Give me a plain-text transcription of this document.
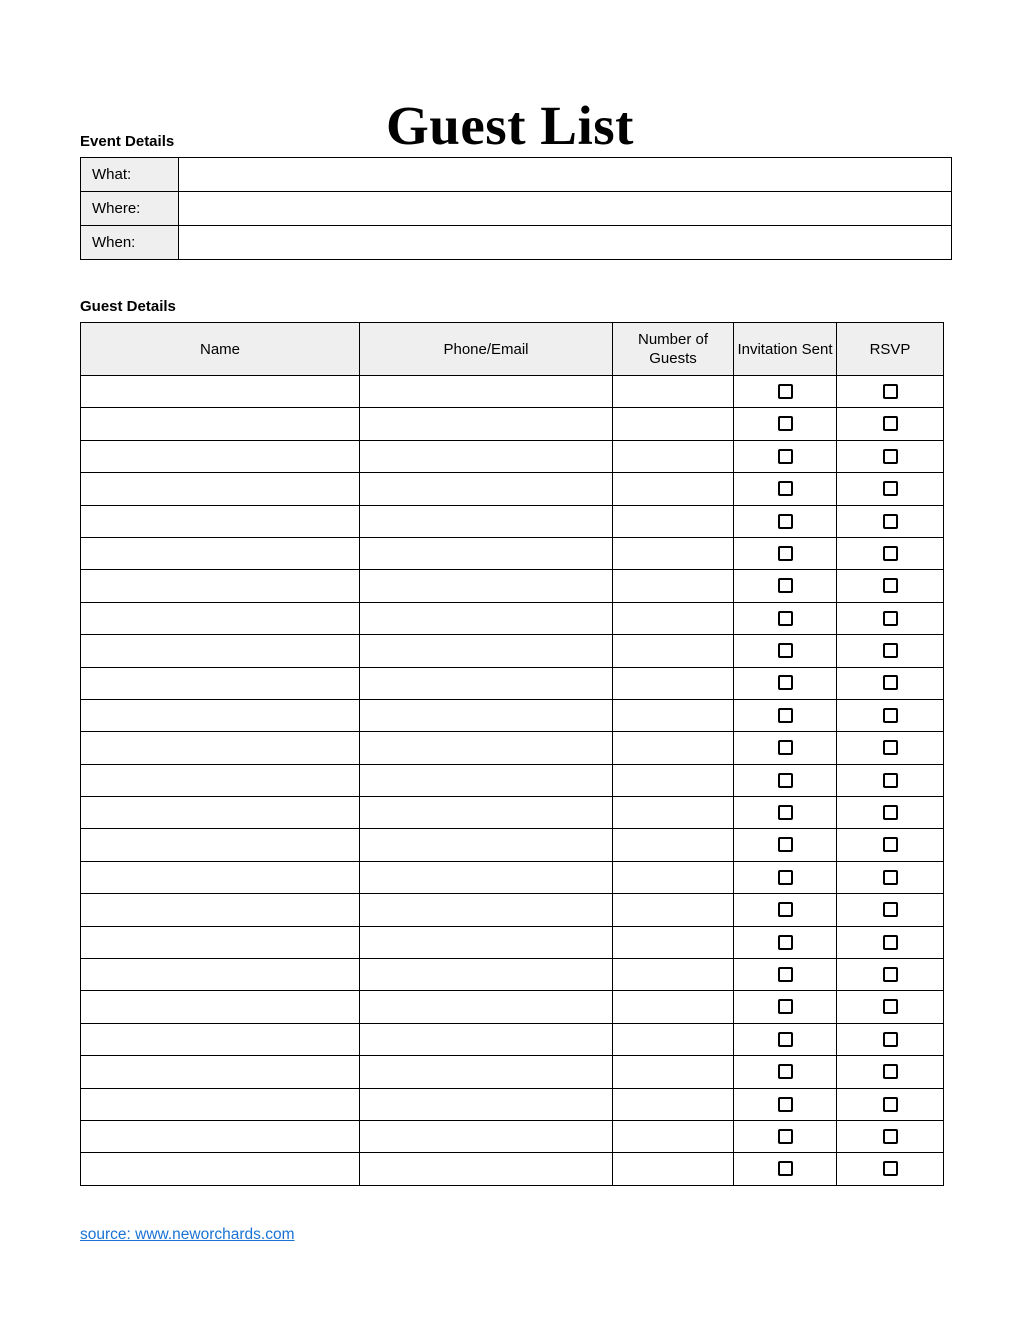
Guest List
Event Details
What:	
Where:	
When:	
Guest Details
Name	Phone/Email	Number of Guests	Invitation Sent	RSVP

source: www.neworchards.com
